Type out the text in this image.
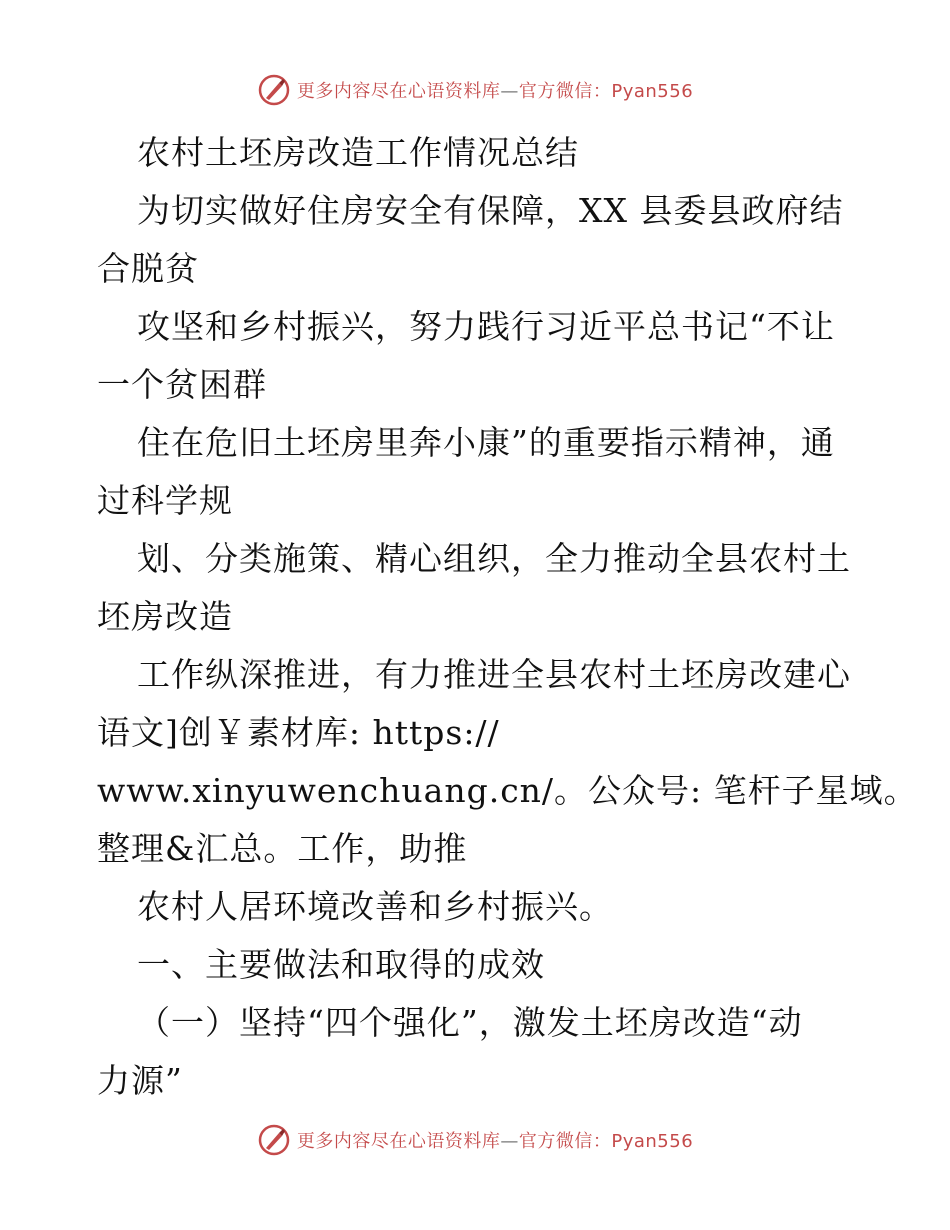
更多内容尽在心语资料库—官方微信：Pyan556
农村土坯房改造工作情况总结
为切实做好住房安全有保障，XX 县委县政府结
合脱贫
攻坚和乡村振兴，努力践行习近平总书记“不让
一个贫困群
住在危旧土坯房里奔小康”的重要指示精神，通
过科学规
划、分类施策、精心组织，全力推动全县农村土
坯房改造
工作纵深推进，有力推进全县农村土坯房改建心
语文]创￥素材库: https://
www.xinyuwenchuang.cn/。公众号: 笔杆子星域。
整理&汇总。工作，助推
农村人居环境改善和乡村振兴。
一、主要做法和取得的成效
（一）坚持“四个强化”，激发土坯房改造“动
力源”
更多内容尽在心语资料库—官方微信：Pyan556
